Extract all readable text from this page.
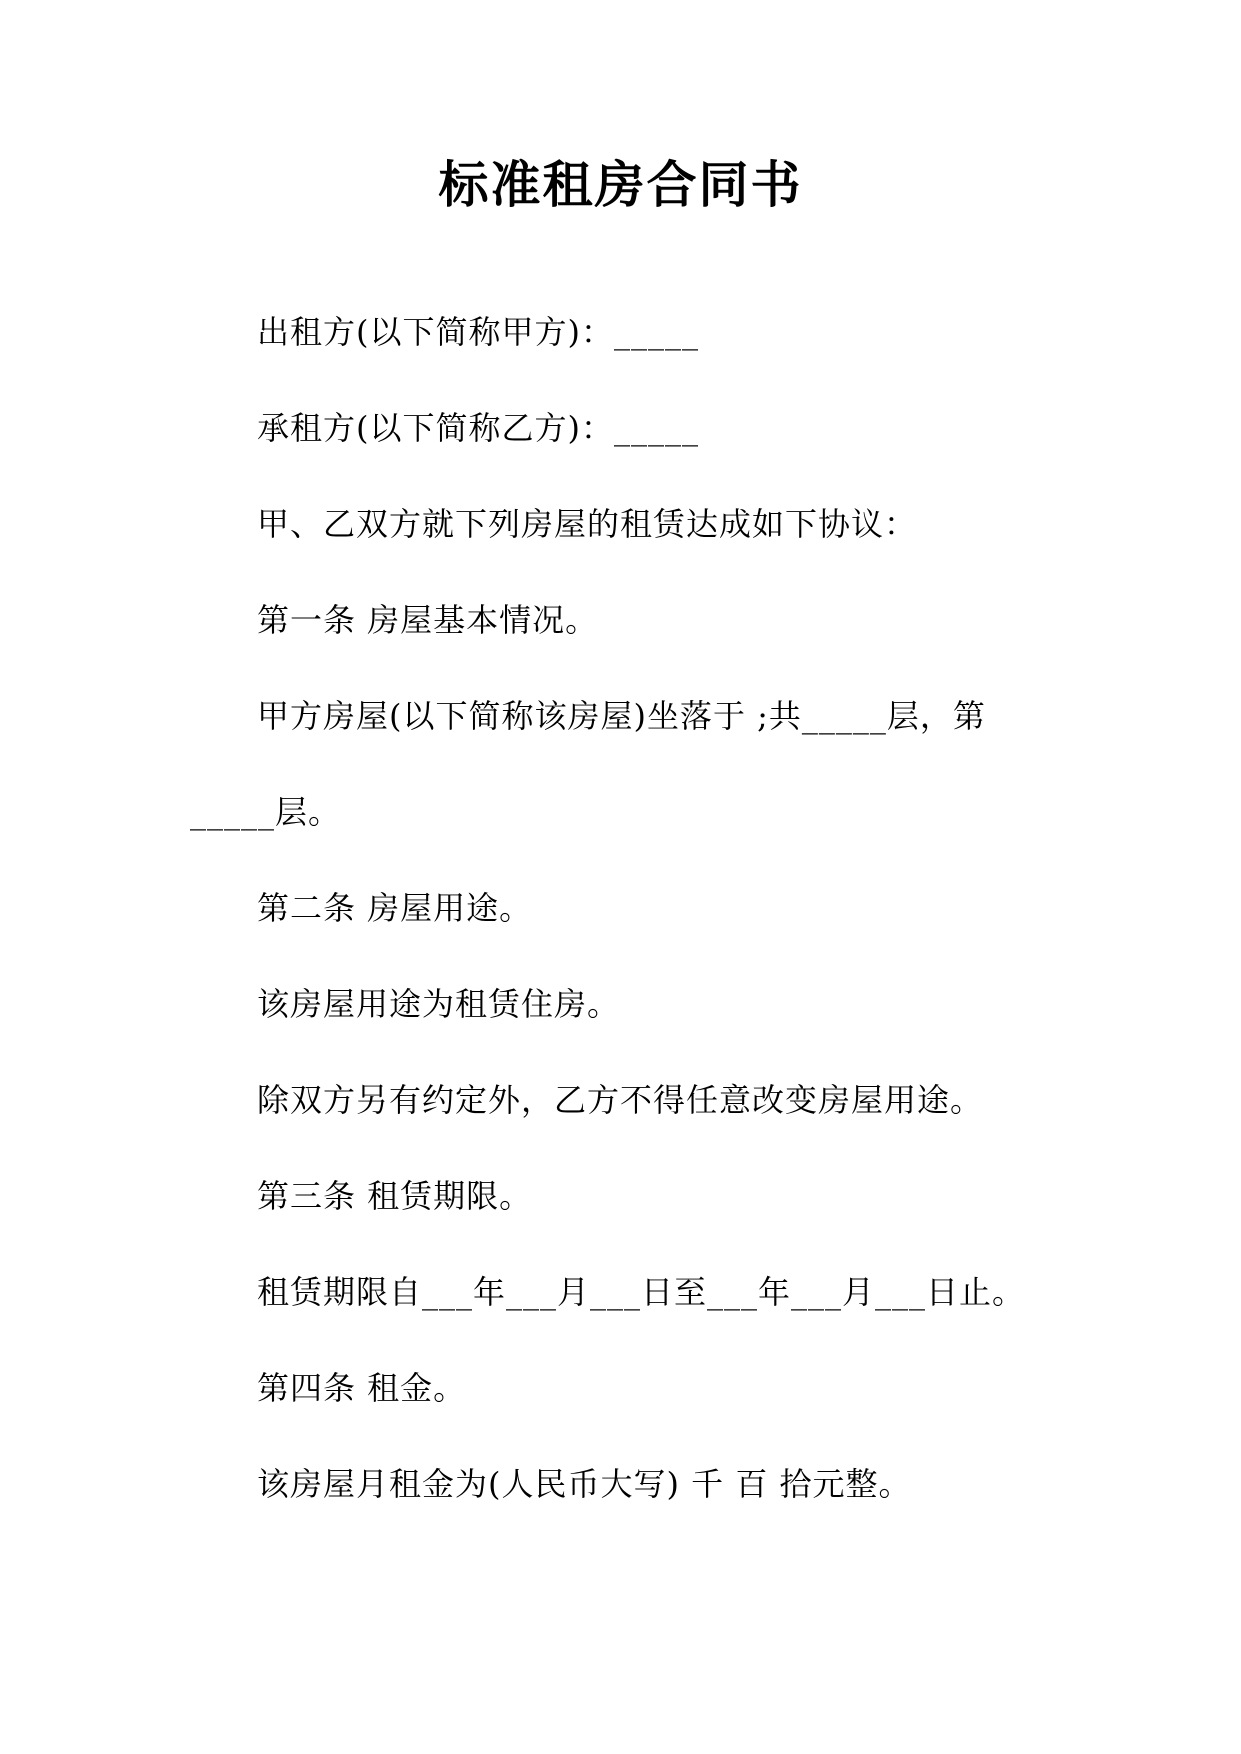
标准租房合同书

出租方(以下简称甲方)：_____

承租方(以下简称乙方)：_____

甲、乙双方就下列房屋的租赁达成如下协议：

第一条 房屋基本情况。

甲方房屋(以下简称该房屋)坐落于 ;共_____层，第

_____层。

第二条 房屋用途。

该房屋用途为租赁住房。

除双方另有约定外，乙方不得任意改变房屋用途。

第三条 租赁期限。

租赁期限自___年___月___日至___年___月___日止。

第四条 租金。

该房屋月租金为(人民币大写) 千 百 拾元整。
